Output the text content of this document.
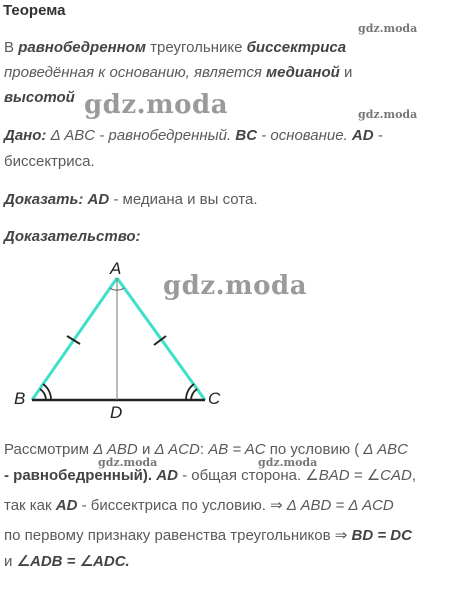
Теорема
gdz.moda
gdz.moda	gdz.moda
gdz.moda
gdz.moda	gdz.moda
В равнобедренном треугольнике биссектриса
проведённая к основанию, является медианой и
высотой
Дано: Δ ABC - равнобедренный. BC - основание. AD -
биссектриса.
Доказать: AD - медиана и вы сота.
Доказательство:
A
B	C
D
Рассмотрим Δ ABD и Δ ACD: AB = AC по условию ( Δ ABC
- равнобедренный). AD - общая сторона. ∠BAD = ∠CAD,
так как AD - биссектриса по условию. ⇒ Δ ABD = Δ ACD
по первому признаку равенства треугольников ⇒ BD = DC
и ∠ADB = ∠ADC.
